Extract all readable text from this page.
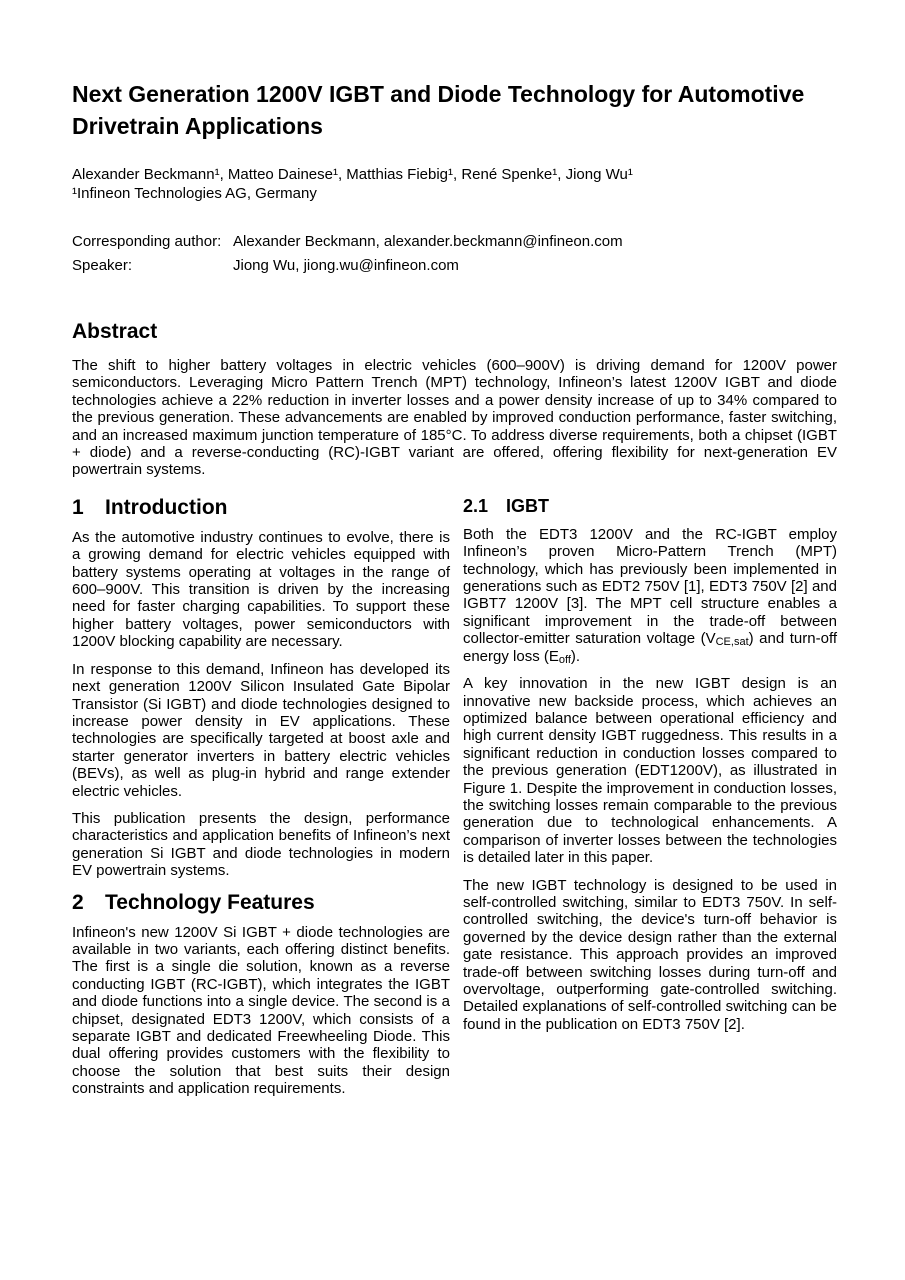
Next Generation 1200V IGBT and Diode Technology for Automotive Drivetrain Applications

Alexander Beckmann¹, Matteo Dainese¹, Matthias Fiebig¹, René Spenke¹, Jiong Wu¹

¹Infineon Technologies AG, Germany

Corresponding author: Alexander Beckmann, alexander.beckmann@infineon.com
Speaker:	Jiong Wu, jiong.wu@infineon.com
Abstract

The shift to higher battery voltages in electric vehicles (600–900V) is driving demand for 1200V power semiconductors. Leveraging Micro Pattern Trench (MPT) technology, Infineon’s latest 1200V IGBT and diode technologies achieve a 22% reduction in inverter losses and a power density increase of up to 34% compared to the previous generation. These advancements are enabled by improved conduction performance, faster switching, and an increased maximum junction temperature of 185°C. To address diverse requirements, both a chipset (IGBT + diode) and a reverse-conducting (RC)-IGBT variant are offered, offering flexibility for next-generation EV powertrain systems.

1 Introduction

As the automotive industry continues to evolve, there is a growing demand for electric vehicles equipped with battery systems operating at voltages in the range of 600–900V. This transition is driven by the increasing need for faster charging capabilities. To support these higher battery voltages, power semiconductors with 1200V blocking capability are necessary.

In response to this demand, Infineon has developed its next generation 1200V Silicon Insulated Gate Bipolar Transistor (Si IGBT) and diode technologies designed to increase power density in EV applications. These technologies are specifically targeted at boost axle and starter generator inverters in battery electric vehicles (BEVs), as well as plug-in hybrid and range extender electric vehicles.

This publication presents the design, performance characteristics and application benefits of Infineon’s next generation Si IGBT and diode technologies in modern EV powertrain systems.

2 Technology Features

Infineon's new 1200V Si IGBT + diode technologies are available in two variants, each offering distinct benefits. The first is a single die solution, known as a reverse conducting IGBT (RC-IGBT), which integrates the IGBT and diode functions into a single device. The second is a chipset, designated EDT3 1200V, which consists of a separate IGBT and dedicated Freewheeling Diode. This dual offering provides customers with the flexibility to choose the solution that best suits their design constraints and application requirements.

2.1 IGBT

Both the EDT3 1200V and the RC-IGBT employ Infineon’s proven Micro-Pattern Trench (MPT) technology, which has previously been implemented in generations such as EDT2 750V [1], EDT3 750V [2] and IGBT7 1200V [3]. The MPT cell structure enables a significant improvement in the trade-off between collector-emitter saturation voltage $(V_{CE,sat})$ and turn-off energy loss $(E_{off})$.

A key innovation in the new IGBT design is an innovative new backside process, which achieves an optimized balance between operational efficiency and high current density IGBT ruggedness. This results in a significant reduction in conduction losses compared to the previous generation (EDT1200V), as illustrated in Figure 1. Despite the improvement in conduction losses, the switching losses remain comparable to the previous generation due to technological enhancements. A comparison of inverter losses between the technologies is detailed later in this paper.

The new IGBT technology is designed to be used in self-controlled switching, similar to EDT3 750V. In self-controlled switching, the device's turn-off behavior is governed by the device design rather than the external gate resistance. This approach provides an improved trade-off between switching losses during turn-off and overvoltage, outperforming gate-controlled switching. Detailed explanations of self-controlled switching can be found in the publication on EDT3 750V [2].
